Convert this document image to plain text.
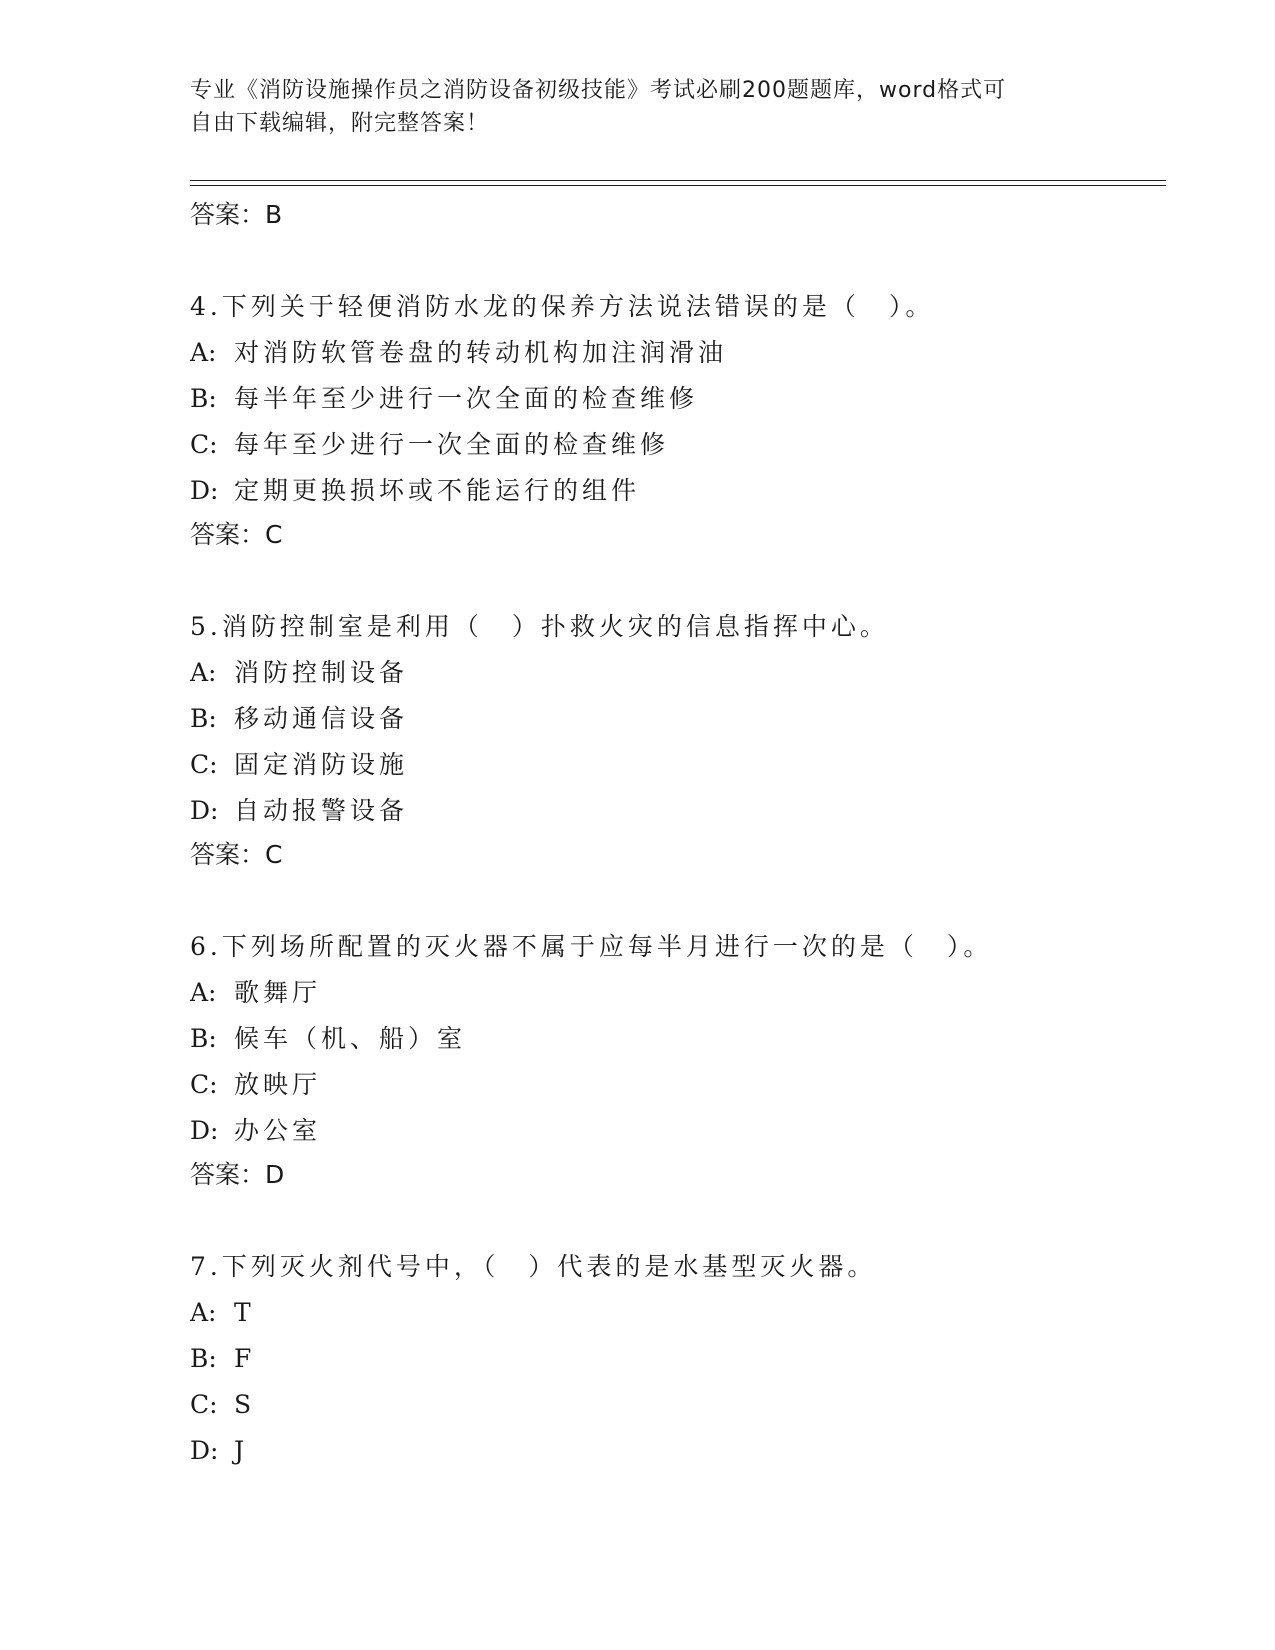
专业《消防设施操作员之消防设备初级技能》考试必刷200题题库，word格式可
自由下载编辑，附完整答案！
答案：B
4.下列关于轻便消防水龙的保养方法说法错误的是（　）。
A: 对消防软管卷盘的转动机构加注润滑油
B: 每半年至少进行一次全面的检查维修
C: 每年至少进行一次全面的检查维修
D: 定期更换损坏或不能运行的组件
答案：C
5.消防控制室是利用（　）扑救火灾的信息指挥中心。
A: 消防控制设备
B: 移动通信设备
C: 固定消防设施
D: 自动报警设备
答案：C
6.下列场所配置的灭火器不属于应每半月进行一次的是（　）。
A: 歌舞厅
B: 候车（机、船）室
C: 放映厅
D: 办公室
答案：D
7.下列灭火剂代号中，（　）代表的是水基型灭火器。
A: T
B: F
C: S
D: J
